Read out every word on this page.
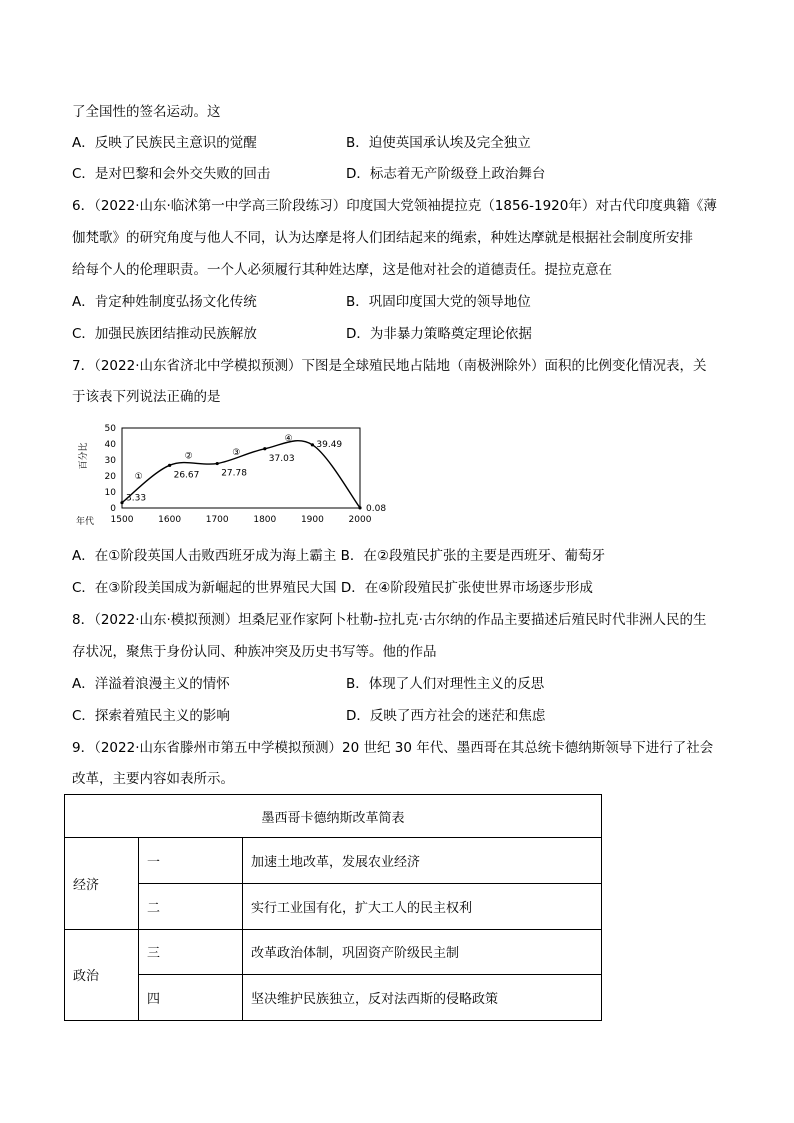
了全国性的签名运动。这
A．反映了民族民主意识的觉醒	B．迫使英国承认埃及完全独立
C．是对巴黎和会外交失败的回击	D．标志着无产阶级登上政治舞台
6．（2022·山东·临沭第一中学高三阶段练习）印度国大党领袖提拉克（1856-1920年）对古代印度典籍《薄
伽梵歌》的研究角度与他人不同，认为达摩是将人们团结起来的绳索，种姓达摩就是根据社会制度所安排
给每个人的伦理职责。一个人必须履行其种姓达摩，这是他对社会的道德责任。提拉克意在
A．肯定种姓制度弘扬文化传统	B．巩固印度国大党的领导地位
C．加强民族团结推动民族解放	D．为非暴力策略奠定理论依据
7．（2022·山东省济北中学模拟预测）下图是全球殖民地占陆地（南极洲除外）面积的比例变化情况表，关
于该表下列说法正确的是
百分比
年代
0
10
20
30
40
50
1500	1600	1700	1800	1900	2000
3.33
26.67 27.78
37.03
39.49
0.08
①
②	③
④
A．在①阶段英国人击败西班牙成为海上霸主 B．在②段殖民扩张的主要是西班牙、葡萄牙
C．在③阶段美国成为新崛起的世界殖民大国 D．在④阶段殖民扩张使世界市场逐步形成
8．（2022·山东·模拟预测）坦桑尼亚作家阿卜杜勒-拉扎克·古尔纳的作品主要描述后殖民时代非洲人民的生
存状况，聚焦于身份认同、种族冲突及历史书写等。他的作品
A．洋溢着浪漫主义的情怀	B．体现了人们对理性主义的反思
C．探索着殖民主义的影响	D．反映了西方社会的迷茫和焦虑
9．（2022·山东省滕州市第五中学模拟预测）20 世纪 30 年代、墨西哥在其总统卡德纳斯领导下进行了社会
改革，主要内容如表所示。
墨西哥卡德纳斯改革简表		
经济	一	加速土地改革，发展农业经济
	二	实行工业国有化，扩大工人的民主权利
政治	三	改革政治体制，巩固资产阶级民主制
	四	坚决维护民族独立，反对法西斯的侵略政策
